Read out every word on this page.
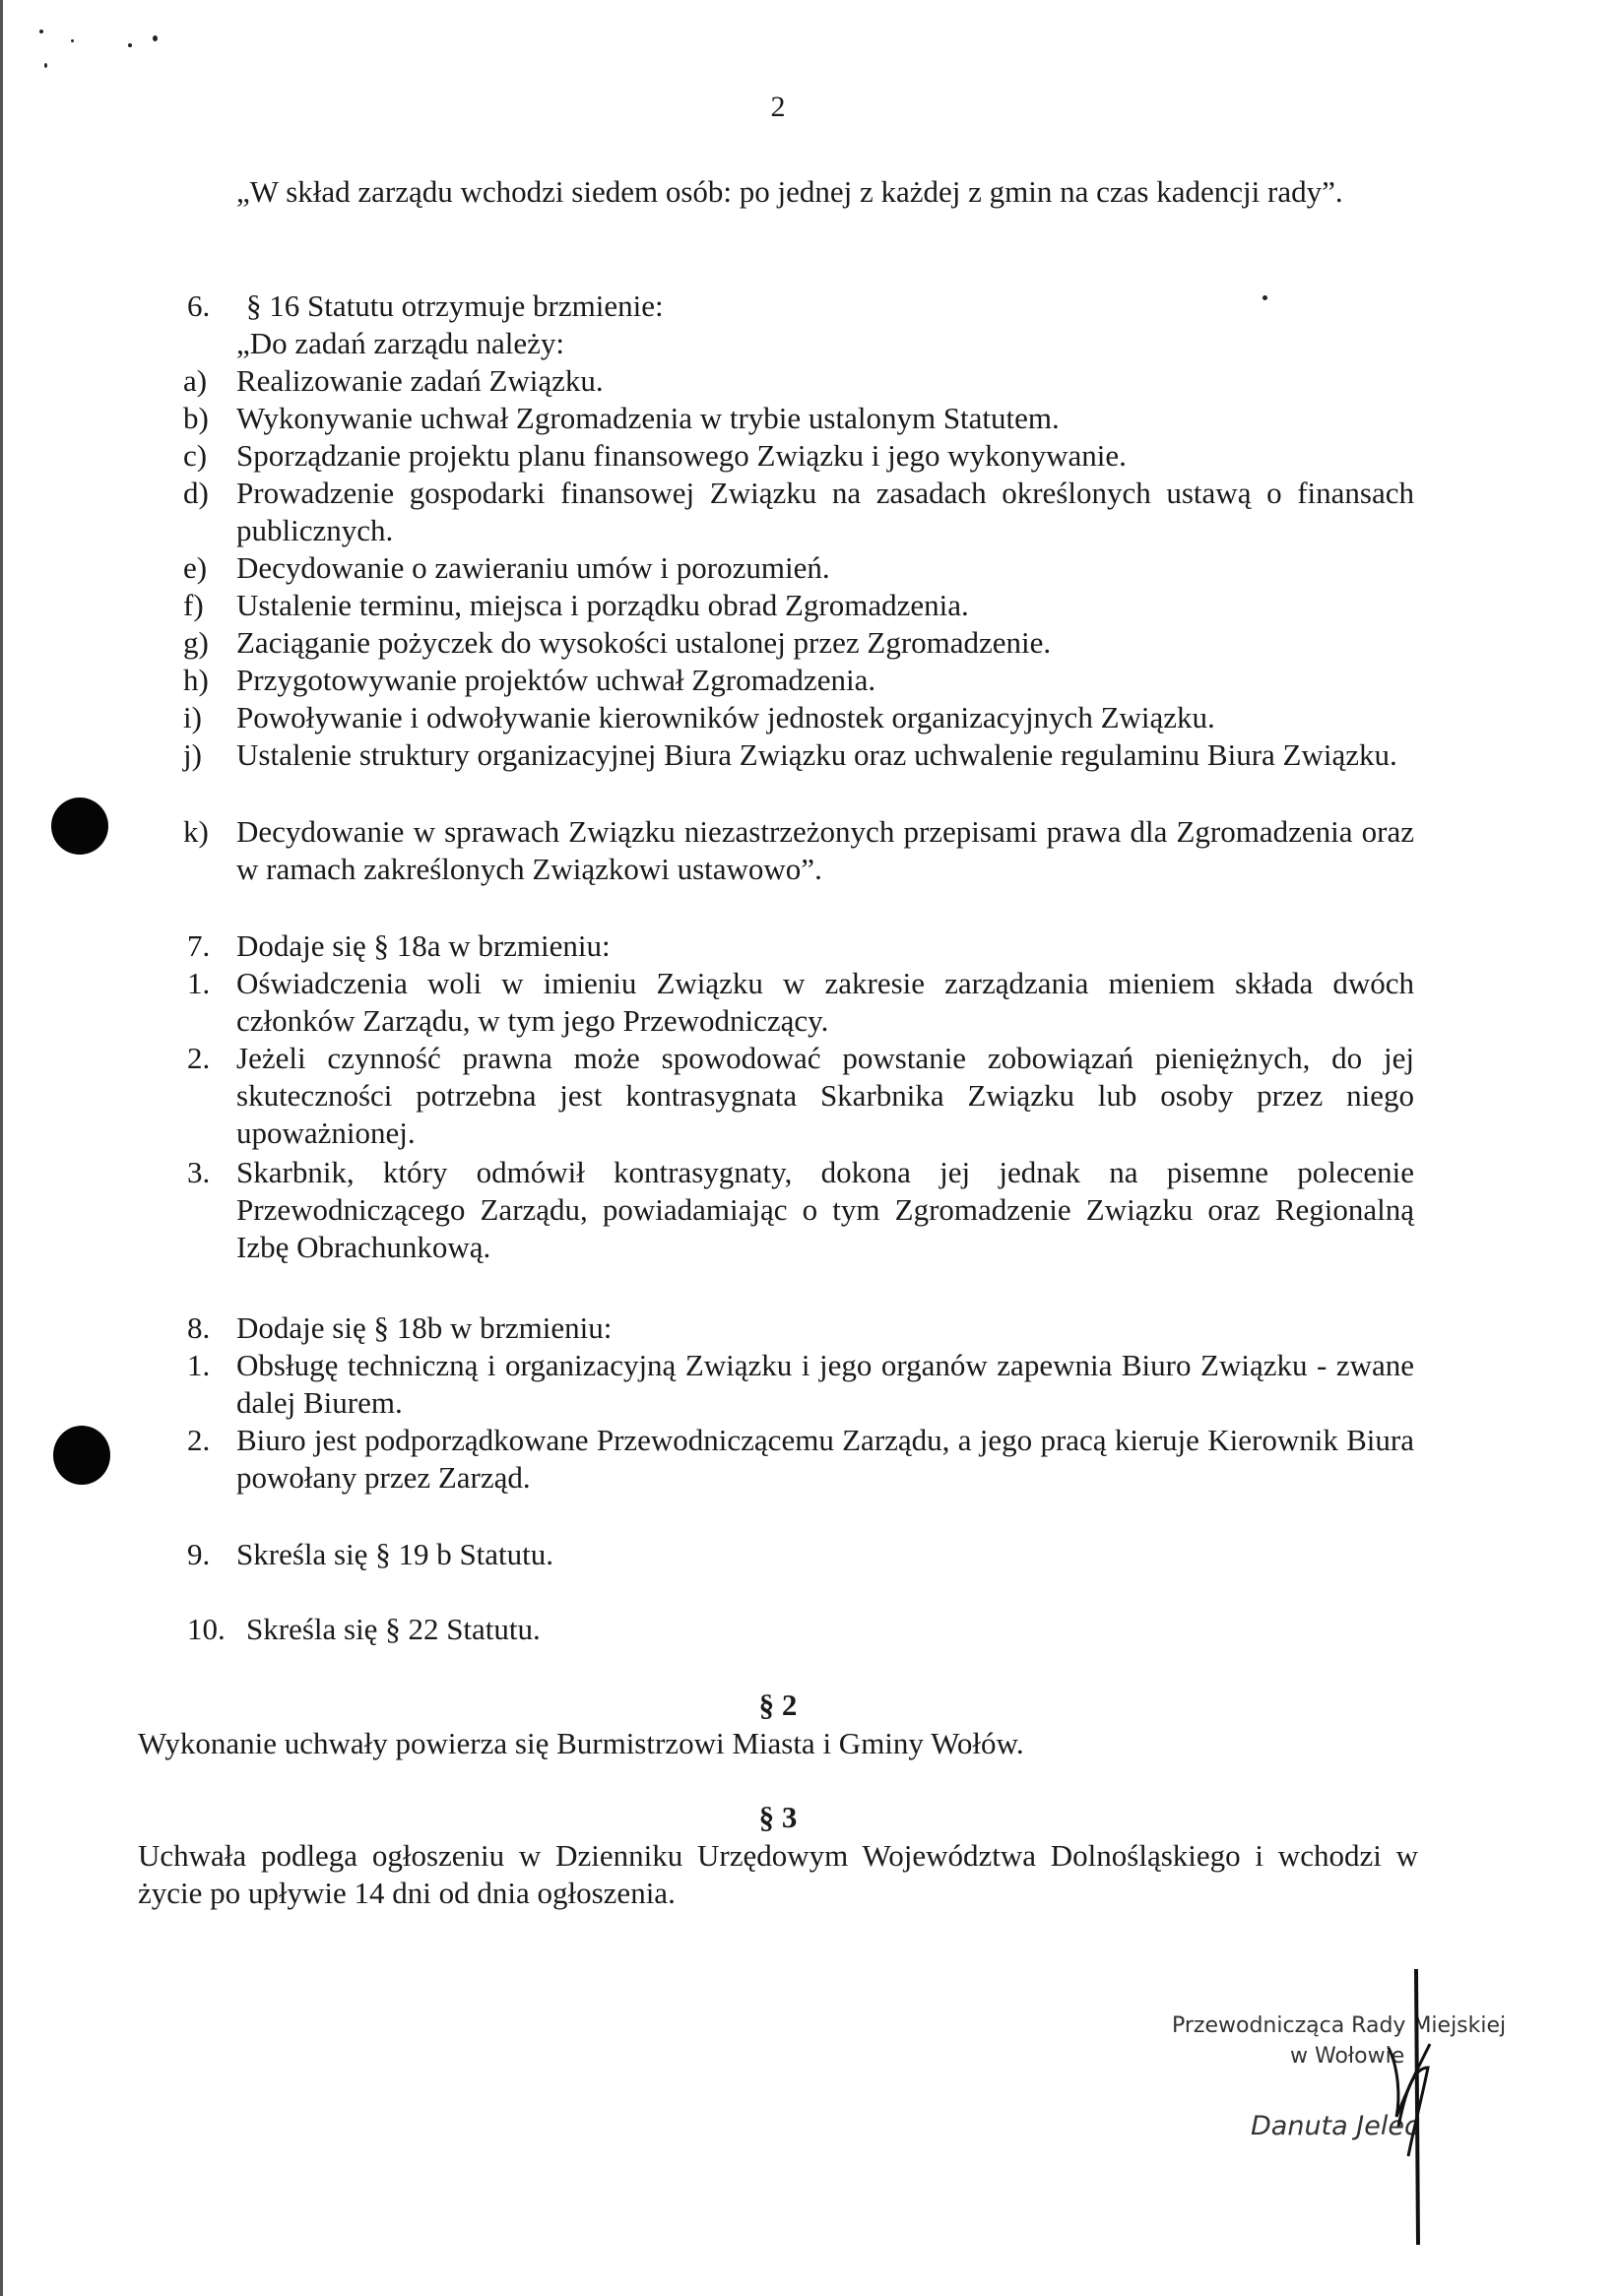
2
„W skład zarządu wchodzi siedem osób: po jednej z każdej z gmin na czas kadencji rady”.
6.	§ 16 Statutu otrzymuje brzmienie:
„Do zadań zarządu należy:
a) Realizowanie zadań Związku.
b) Wykonywanie uchwał Zgromadzenia w trybie ustalonym Statutem.
c) Sporządzanie projektu planu finansowego Związku i jego wykonywanie.
d) Prowadzenie gospodarki finansowej Związku na zasadach określonych ustawą o finansach publicznych.
e) Decydowanie o zawieraniu umów i porozumień.
f)	Ustalenie terminu, miejsca i porządku obrad Zgromadzenia.
g) Zaciąganie pożyczek do wysokości ustalonej przez Zgromadzenie.
h) Przygotowywanie projektów uchwał Zgromadzenia.
i)	Powoływanie i odwoływanie kierowników jednostek organizacyjnych Związku.
j)	Ustalenie struktury organizacyjnej Biura Związku oraz uchwalenie regulaminu Biura Związku.
k) Decydowanie w sprawach Związku niezastrzeżonych przepisami prawa dla Zgromadzenia oraz w ramach zakreślonych Związkowi ustawowo”.
7. Dodaje się § 18a w brzmieniu:
1. Oświadczenia woli w imieniu Związku w zakresie zarządzania mieniem składa dwóch członków Zarządu, w tym jego Przewodniczący.
2. Jeżeli czynność prawna może spowodować powstanie zobowiązań pieniężnych, do jej skuteczności potrzebna jest kontrasygnata Skarbnika Związku lub osoby przez niego upoważnionej.
3. Skarbnik, który odmówił kontrasygnaty, dokona jej jednak na pisemne polecenie Przewodniczącego Zarządu, powiadamiając o tym Zgromadzenie Związku oraz Regionalną Izbę Obrachunkową.
8. Dodaje się § 18b w brzmieniu:
1. Obsługę techniczną i organizacyjną Związku i jego organów zapewnia Biuro Związku - zwane dalej Biurem.
2. Biuro jest podporządkowane Przewodniczącemu Zarządu, a jego pracą kieruje Kierownik Biura powołany przez Zarząd.
9. Skreśla się § 19 b Statutu.
10. Skreśla się § 22 Statutu.
§ 2
Wykonanie uchwały powierza się Burmistrzowi Miasta i Gminy Wołów.
§ 3
Uchwała podlega ogłoszeniu w Dzienniku Urzędowym Województwa Dolnośląskiego i wchodzi w życie po upływie 14 dni od dnia ogłoszenia.
Przewodnicząca Rady Miejskiej
w Wołowie
Danuta Jelec
